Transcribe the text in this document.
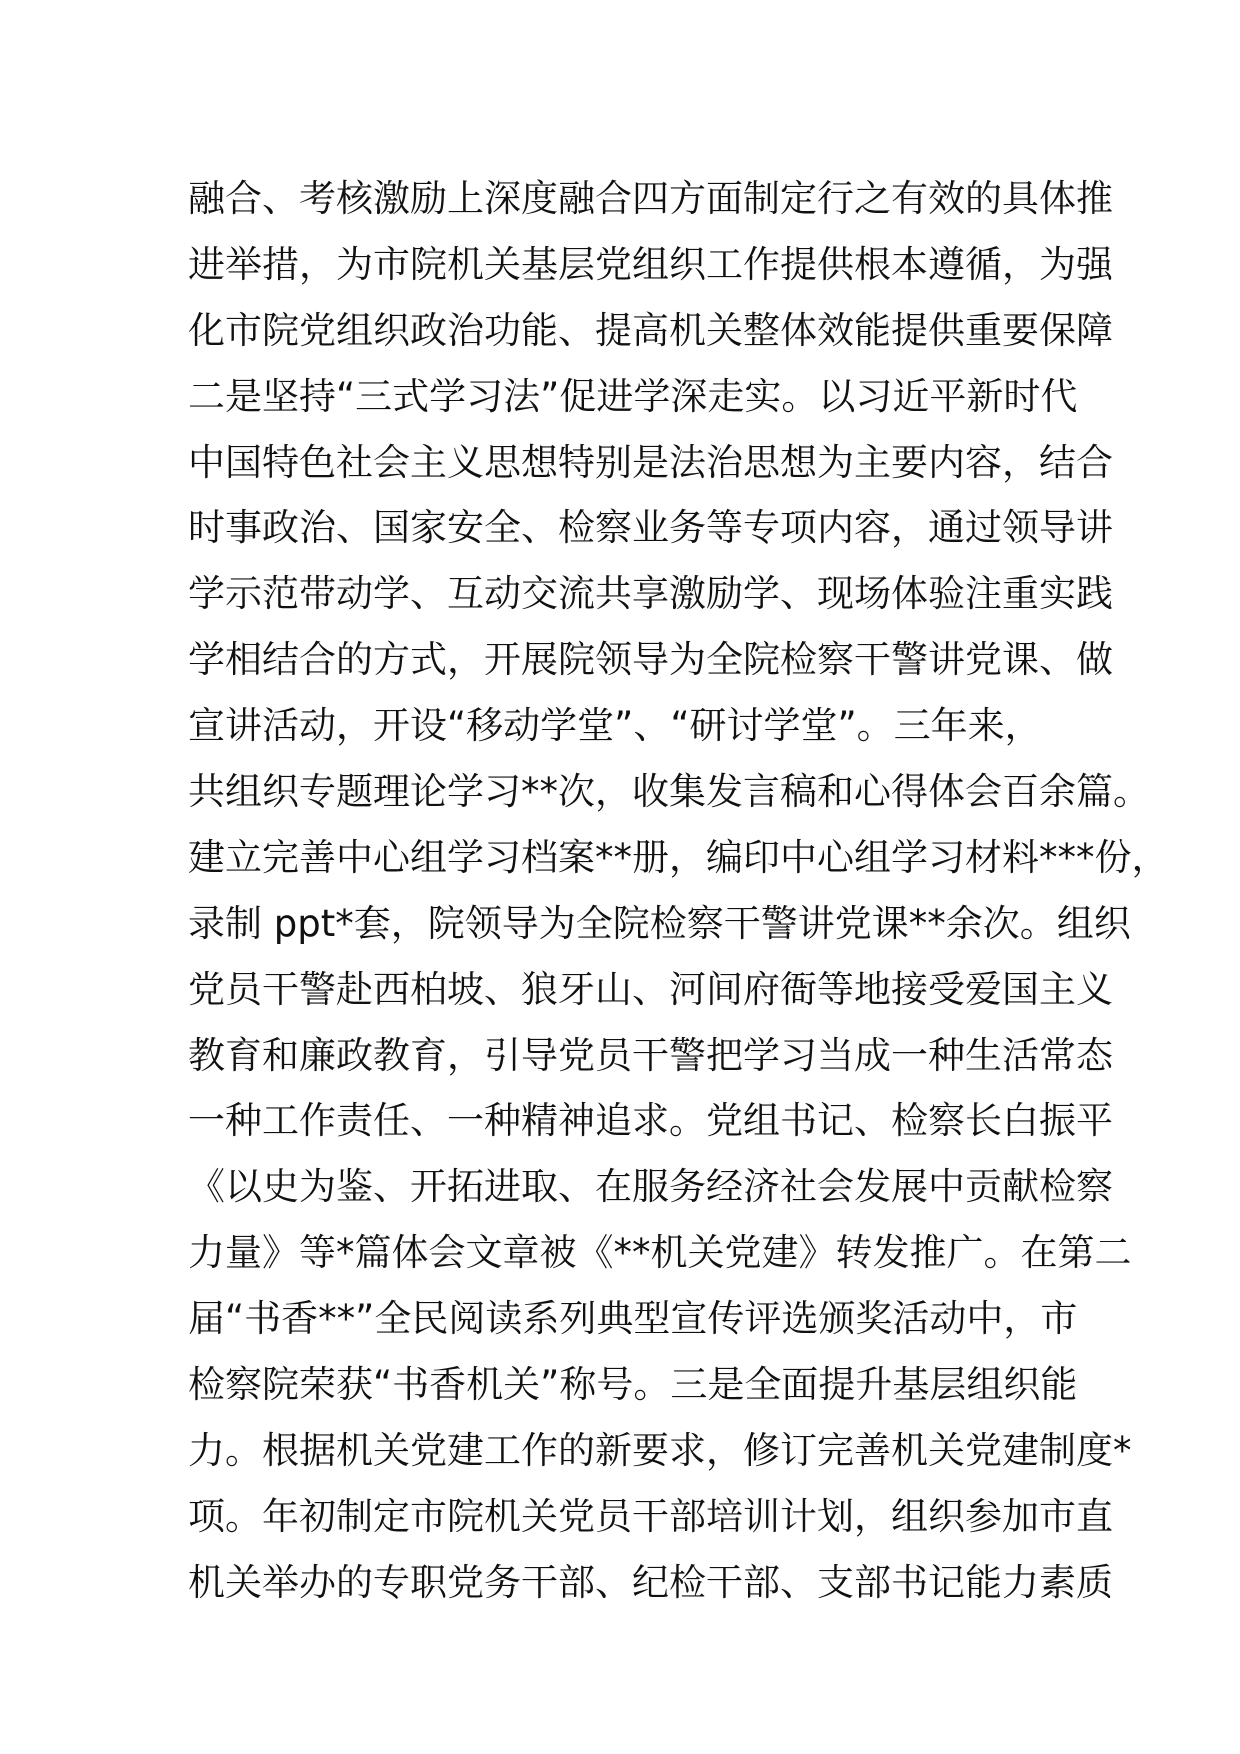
融合、考核激励上深度融合四方面制定行之有效的具体推
进举措，为市院机关基层党组织工作提供根本遵循，为强
化市院党组织政治功能、提高机关整体效能提供重要保障
二是坚持“三式学习法”促进学深走实。以习近平新时代
中国特色社会主义思想特别是法治思想为主要内容，结合
时事政治、国家安全、检察业务等专项内容，通过领导讲
学示范带动学、互动交流共享激励学、现场体验注重实践
学相结合的方式，开展院领导为全院检察干警讲党课、做
宣讲活动，开设“移动学堂”、“研讨学堂”。三年来，
共组织专题理论学习**次，收集发言稿和心得体会百余篇。
建立完善中心组学习档案**册，编印中心组学习材料***份，
录制 ppt*套，院领导为全院检察干警讲党课**余次。组织
党员干警赴西柏坡、狼牙山、河间府衙等地接受爱国主义
教育和廉政教育，引导党员干警把学习当成一种生活常态
一种工作责任、一种精神追求。党组书记、检察长白振平
《以史为鉴、开拓进取、在服务经济社会发展中贡献检察
力量》等*篇体会文章被《**机关党建》转发推广。在第二
届“书香**”全民阅读系列典型宣传评选颁奖活动中，市
检察院荣获“书香机关”称号。三是全面提升基层组织能
力。根据机关党建工作的新要求，修订完善机关党建制度*
项。年初制定市院机关党员干部培训计划，组织参加市直
机关举办的专职党务干部、纪检干部、支部书记能力素质
